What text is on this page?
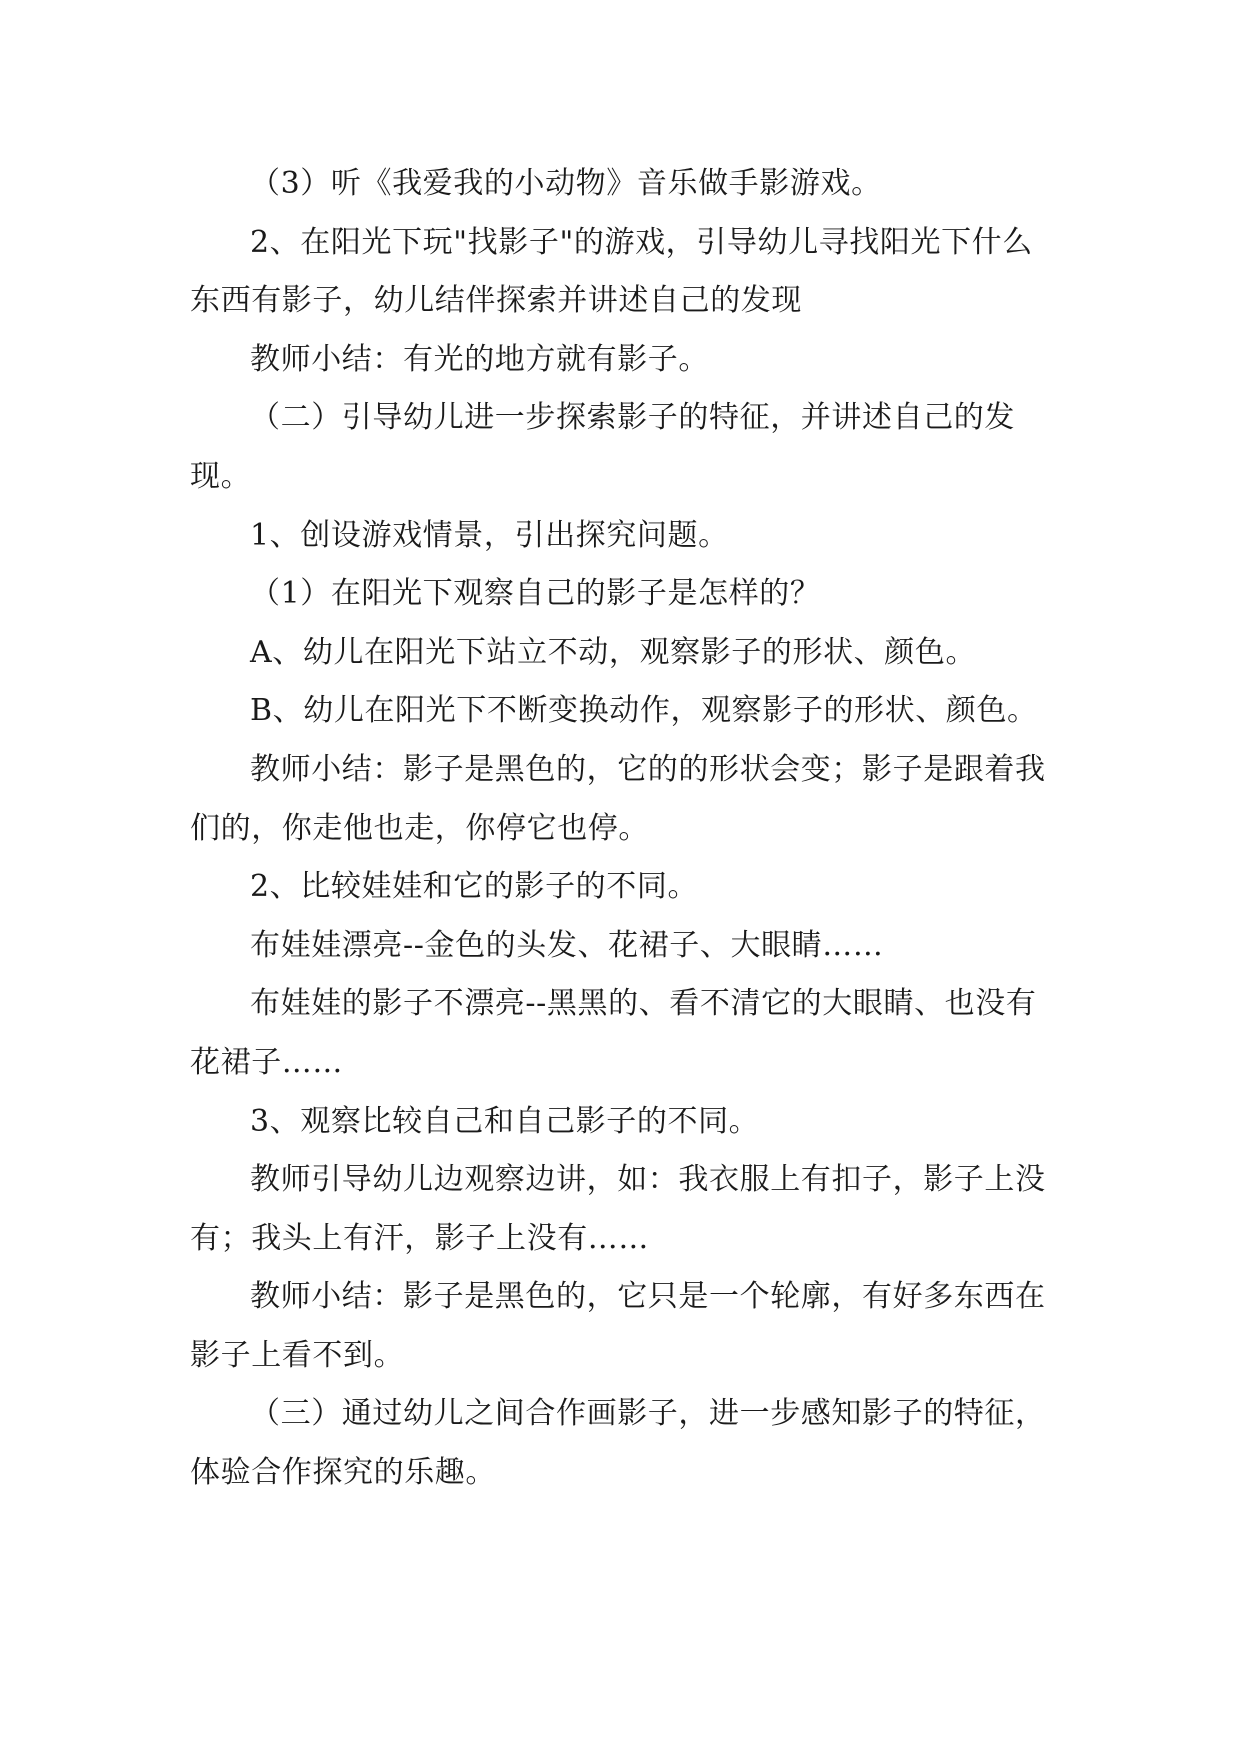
（3）听《我爱我的小动物》音乐做手影游戏。

2、在阳光下玩"找影子"的游戏，引导幼儿寻找阳光下什么东西有影子，幼儿结伴探索并讲述自己的发现

教师小结：有光的地方就有影子。

（二）引导幼儿进一步探索影子的特征，并讲述自己的发现。

1、创设游戏情景，引出探究问题。

（1）在阳光下观察自己的影子是怎样的？

A、幼儿在阳光下站立不动，观察影子的形状、颜色。

B、幼儿在阳光下不断变换动作，观察影子的形状、颜色。

教师小结：影子是黑色的，它的的形状会变；影子是跟着我们的，你走他也走，你停它也停。

2、比较娃娃和它的影子的不同。

布娃娃漂亮--金色的头发、花裙子、大眼睛……

布娃娃的影子不漂亮--黑黑的、看不清它的大眼睛、也没有花裙子……

3、观察比较自己和自己影子的不同。

教师引导幼儿边观察边讲，如：我衣服上有扣子，影子上没有；我头上有汗，影子上没有……

教师小结：影子是黑色的，它只是一个轮廓，有好多东西在影子上看不到。

（三）通过幼儿之间合作画影子，进一步感知影子的特征，体验合作探究的乐趣。
